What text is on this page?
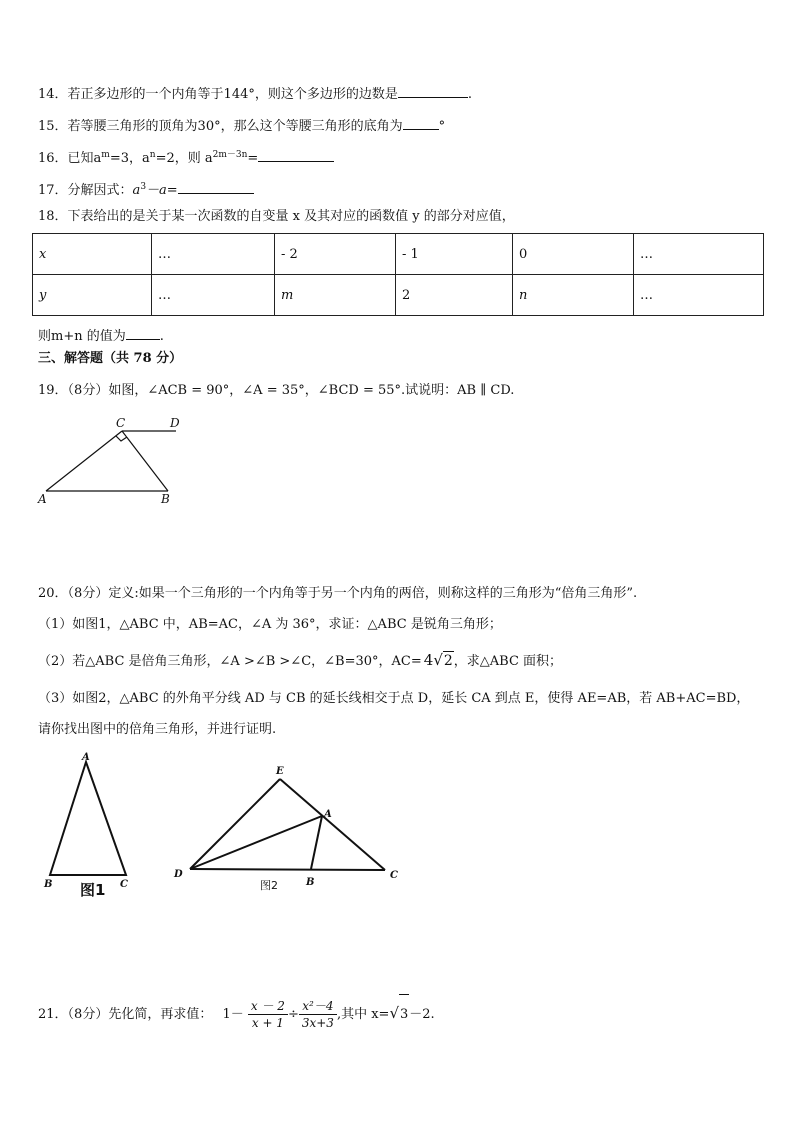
14．若正多边形的一个内角等于144°，则这个多边形的边数是	.
15．若等腰三角形的顶角为30°，那么这个等腰三角形的底角为	°
16．已知$a^m=3$，$a^n=2$，则 $a^{2m-3n}=$
17．分解因式：$a^3-a=$
18．下表给出的是关于某一次函数的自变量 x 及其对应的函数值 y 的部分对应值，
x	…	- 2	- 1	0	…
y	…	m	2	n	…
则m+n 的值为	.
三、解答题（共 78 分）
19．（8分）如图，∠ACB = 90°，∠A = 35°，∠BCD = 55°.试说明：AB ∥ CD.
C	D
A	B
20．（8分）定义:如果一个三角形的一个内角等于另一个内角的两倍，则称这样的三角形为“倍角三角形”.
（1）如图1，△ABC 中，AB=AC，∠A 为 36°，求证：△ABC 是锐角三角形；
（2）若△ABC 是倍角三角形，∠A >∠B >∠C，∠B=30°，AC= 4√2，求△ABC 面积；
（3）如图2，△ABC 的外角平分线 AD 与 CB 的延长线相交于点 D，延长 CA 到点 E，使得 AE=AB，若 AB+AC=BD，
请你找出图中的倍角三角形，并进行证明.
A
B	C
图1
E
A
D
B
C
图2
21．（8分）先化简，再求值： $1- \frac{x - 2}{x + 1} \div \frac{\text{x²－4}}{3x+3}$ ,其中 x=√3－2.
